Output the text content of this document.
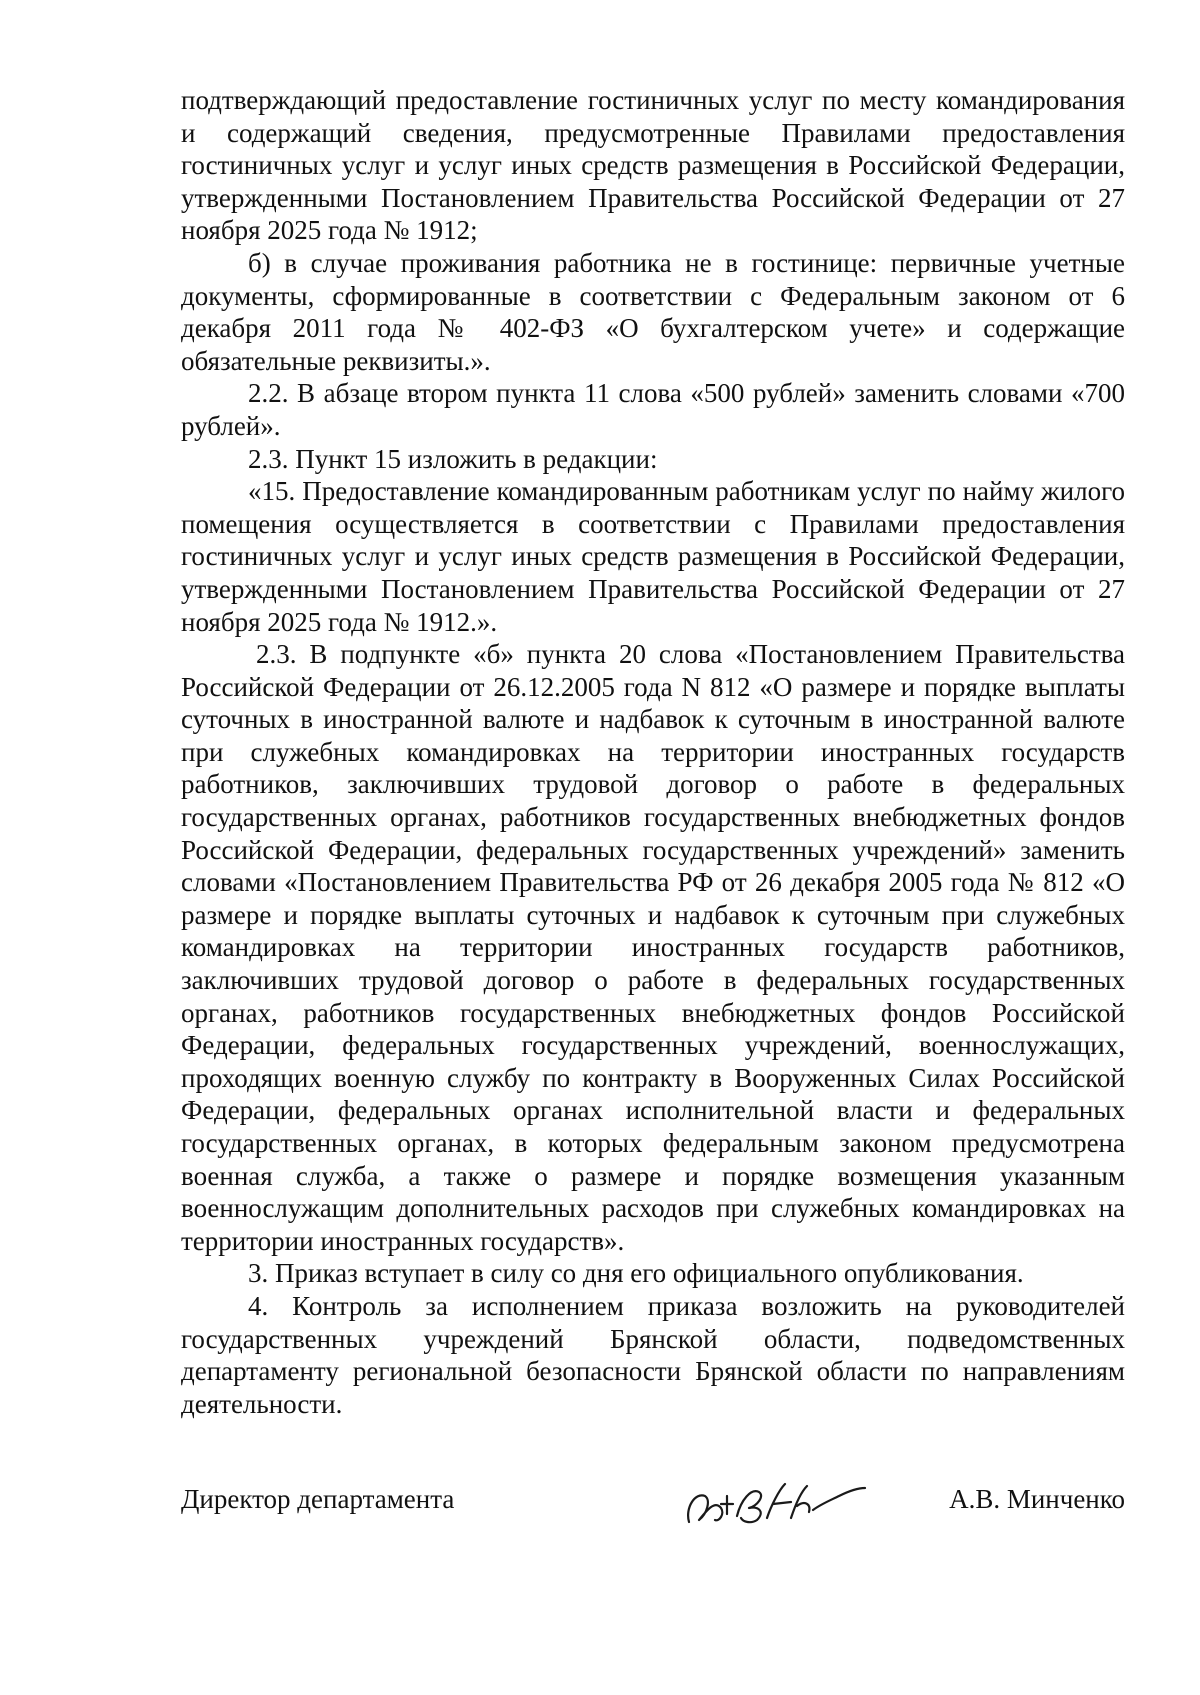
подтверждающий предоставление гостиничных услуг по месту командирования и содержащий сведения, предусмотренные Правилами предоставления гостиничных услуг и услуг иных средств размещения в Российской Федерации, утвержденными Постановлением Правительства Российской Федерации от 27 ноября 2025 года № 1912;

б) в случае проживания работника не в гостинице: первичные учетные документы, сформированные в соответствии с Федеральным законом от 6 декабря 2011 года № 402-ФЗ «О бухгалтерском учете» и содержащие обязательные реквизиты.».

2.2. В абзаце втором пункта 11 слова «500 рублей» заменить словами «700 рублей».

2.3. Пункт 15 изложить в редакции:

«15. Предоставление командированным работникам услуг по найму жилого помещения осуществляется в соответствии с Правилами предоставления гостиничных услуг и услуг иных средств размещения в Российской Федерации, утвержденными Постановлением Правительства Российской Федерации от 27 ноября 2025 года № 1912.».

2.3. В подпункте «б» пункта 20 слова «Постановлением Правительства Российской Федерации от 26.12.2005 года N 812 «О размере и порядке выплаты суточных в иностранной валюте и надбавок к суточным в иностранной валюте при служебных командировках на территории иностранных государств работников, заключивших трудовой договор о работе в федеральных государственных органах, работников государственных внебюджетных фондов Российской Федерации, федеральных государственных учреждений» заменить словами «Постановлением Правительства РФ от 26 декабря 2005 года № 812 «О размере и порядке выплаты суточных и надбавок к суточным при служебных командировках на территории иностранных государств работников, заключивших трудовой договор о работе в федеральных государственных органах, работников государственных внебюджетных фондов Российской Федерации, федеральных государственных учреждений, военнослужащих, проходящих военную службу по контракту в Вооруженных Силах Российской Федерации, федеральных органах исполнительной власти и федеральных государственных органах, в которых федеральным законом предусмотрена военная служба, а также о размере и порядке возмещения указанным военнослужащим дополнительных расходов при служебных командировках на территории иностранных государств».

3. Приказ вступает в силу со дня его официального опубликования.

4. Контроль за исполнением приказа возложить на руководителей государственных учреждений Брянской области, подведомственных департаменту региональной безопасности Брянской области по направлениям деятельности.

Директор департамента	А.В. Минченко
